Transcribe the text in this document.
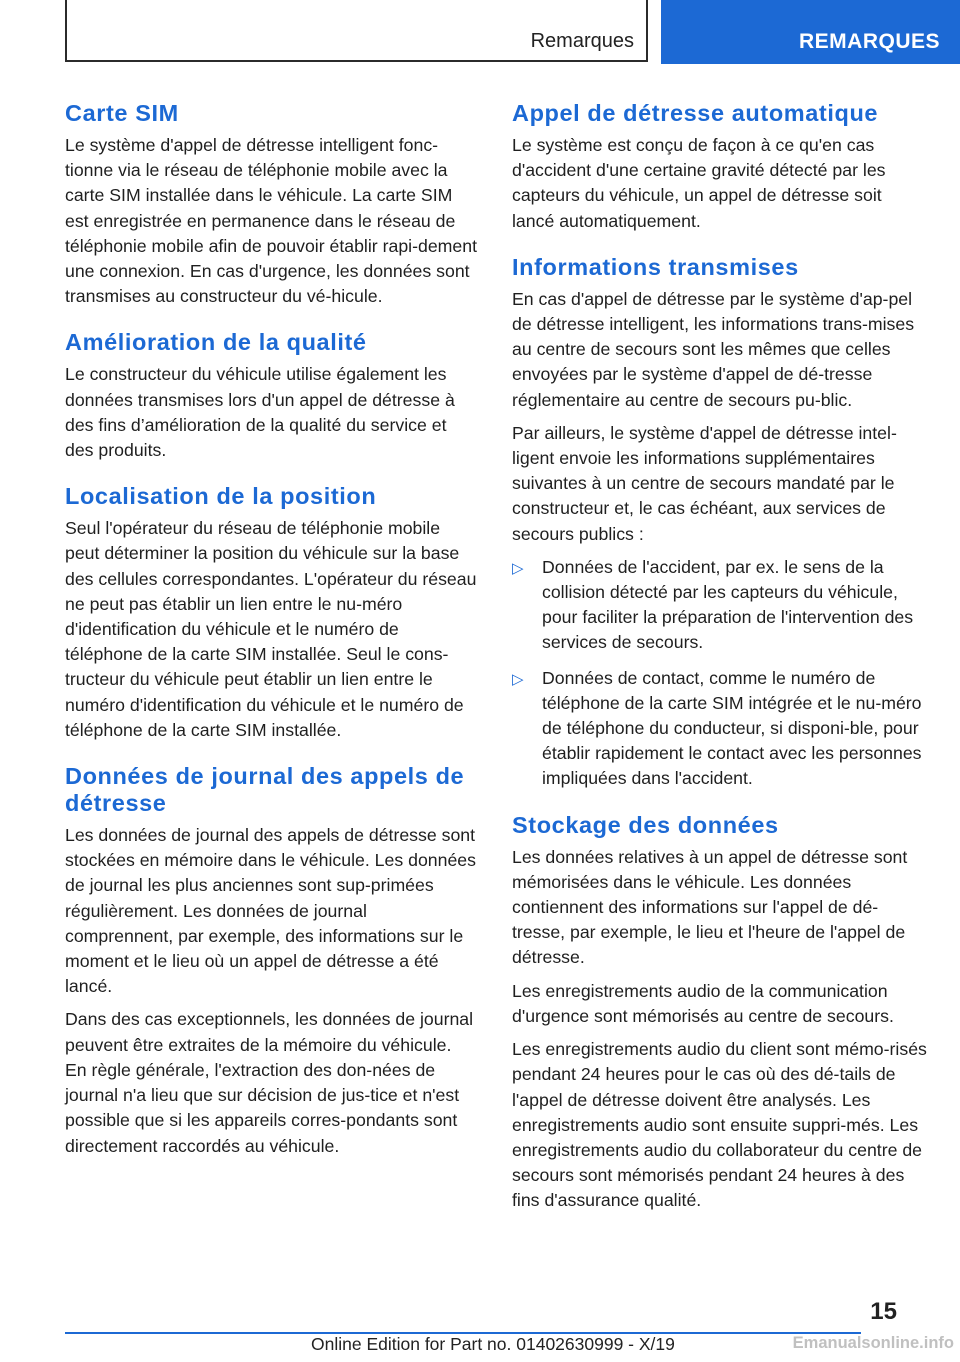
Remarques	REMARQUES
Carte SIM

Le système d'appel de détresse intelligent fonc-tionne via le réseau de téléphonie mobile avec la carte SIM installée dans le véhicule. La carte SIM est enregistrée en permanence dans le réseau de téléphonie mobile afin de pouvoir établir rapi-dement une connexion. En cas d'urgence, les données sont transmises au constructeur du vé-hicule.

Amélioration de la qualité

Le constructeur du véhicule utilise également les données transmises lors d'un appel de détresse à des fins d’amélioration de la qualité du service et des produits.

Localisation de la position

Seul l'opérateur du réseau de téléphonie mobile peut déterminer la position du véhicule sur la base des cellules correspondantes. L'opérateur du réseau ne peut pas établir un lien entre le nu-méro d'identification du véhicule et le numéro de téléphone de la carte SIM installée. Seul le cons-tructeur du véhicule peut établir un lien entre le numéro d'identification du véhicule et le numéro de téléphone de la carte SIM installée.

Données de journal des appels de détresse

Les données de journal des appels de détresse sont stockées en mémoire dans le véhicule. Les données de journal les plus anciennes sont sup-primées régulièrement. Les données de journal comprennent, par exemple, des informations sur le moment et le lieu où un appel de détresse a été lancé.

Dans des cas exceptionnels, les données de journal peuvent être extraites de la mémoire du véhicule. En règle générale, l'extraction des don-nées de journal n'a lieu que sur décision de jus-tice et n'est possible que si les appareils corres-pondants sont directement raccordés au véhicule.

Appel de détresse automatique

Le système est conçu de façon à ce qu'en cas d'accident d'une certaine gravité détecté par les capteurs du véhicule, un appel de détresse soit lancé automatiquement.

Informations transmises

En cas d'appel de détresse par le système d'ap-pel de détresse intelligent, les informations trans-mises au centre de secours sont les mêmes que celles envoyées par le système d'appel de dé-tresse réglementaire au centre de secours pu-blic.

Par ailleurs, le système d'appel de détresse intel-ligent envoie les informations supplémentaires suivantes à un centre de secours mandaté par le constructeur et, le cas échéant, aux services de secours publics :

▷ Données de l'accident, par ex. le sens de la collision détecté par les capteurs du véhicule, pour faciliter la préparation de l'intervention des services de secours.

▷ Données de contact, comme le numéro de téléphone de la carte SIM intégrée et le nu-méro de téléphone du conducteur, si disponi-ble, pour établir rapidement le contact avec les personnes impliquées dans l'accident.

Stockage des données

Les données relatives à un appel de détresse sont mémorisées dans le véhicule. Les données contiennent des informations sur l'appel de dé-tresse, par exemple, le lieu et l'heure de l'appel de détresse.

Les enregistrements audio de la communication d'urgence sont mémorisés au centre de secours.

Les enregistrements audio du client sont mémo-risés pendant 24 heures pour le cas où des dé-tails de l'appel de détresse doivent être analysés. Les enregistrements audio sont ensuite suppri-més. Les enregistrements audio du collaborateur du centre de secours sont mémorisés pendant 24 heures à des fins d'assurance qualité.

15
Online Edition for Part no. 01402630999 - X/19	Emanualsonline.info
